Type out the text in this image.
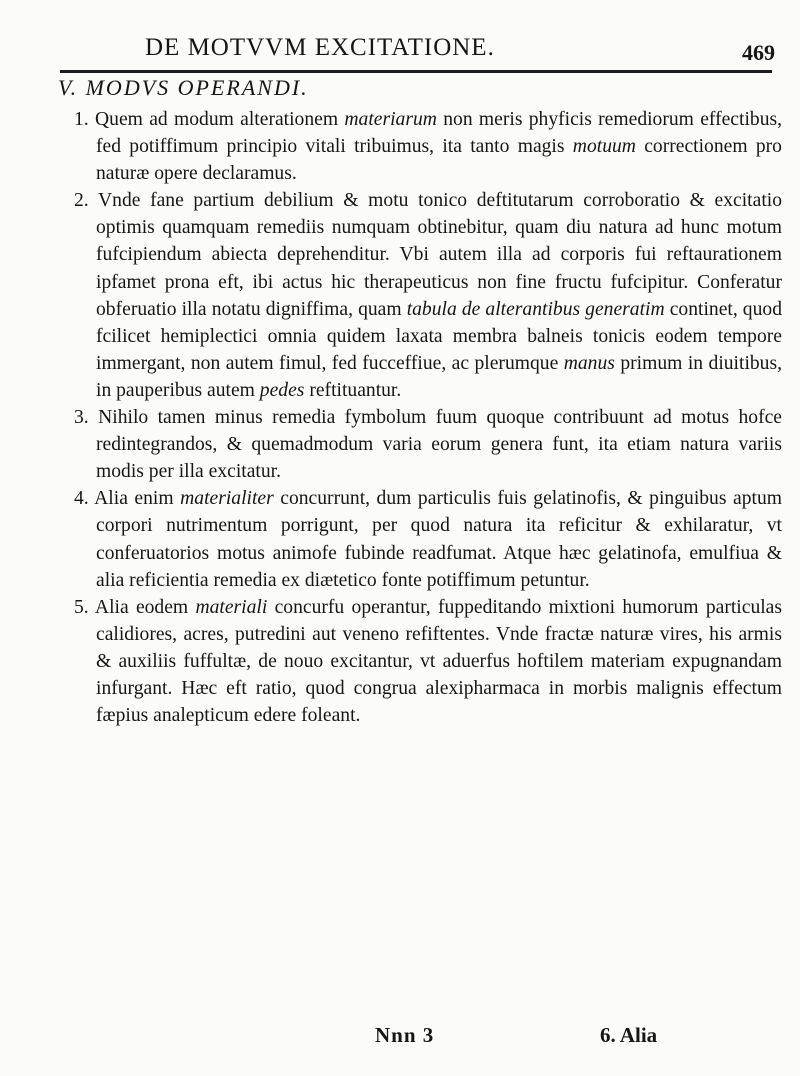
DE MOTVVM EXCITATIONE.	469
V. MODVS OPERANDI.

1. Quem ad modum alterationem materiarum non meris phyficis remediorum effectibus, fed potiffimum principio vitali tribuimus, ita tanto magis motuum correctionem pro naturæ opere declaramus.

2. Vnde fane partium debilium & motu tonico deftitutarum corroboratio & excitatio optimis quamquam remediis numquam obtinebitur, quam diu natura ad hunc motum fufcipiendum abiecta deprehenditur. Vbi autem illa ad corporis fui reftaurationem ipfamet prona eft, ibi actus hic therapeuticus non fine fructu fufcipitur. Conferatur obferuatio illa notatu digniffima, quam tabula de alterantibus generatim continet, quod fcilicet hemiplectici omnia quidem laxata membra balneis tonicis eodem tempore immergant, non autem fimul, fed fucceffiue, ac plerumque manus primum in diuitibus, in pauperibus autem pedes reftituantur.

3. Nihilo tamen minus remedia fymbolum fuum quoque contribuunt ad motus hofce redintegrandos, & quemadmodum varia eorum genera funt, ita etiam natura variis modis per illa excitatur.

4. Alia enim materialiter concurrunt, dum particulis fuis gelatinofis, & pinguibus aptum corpori nutrimentum porrigunt, per quod natura ita reficitur & exhilaratur, vt conferuatorios motus animofe fubinde readfumat. Atque hæc gelatinofa, emulfiua & alia reficientia remedia ex diætetico fonte potiffimum petuntur.

5. Alia eodem materiali concurfu operantur, fuppeditando mixtioni humorum particulas calidiores, acres, putredini aut veneno refiftentes. Vnde fractæ naturæ vires, his armis & auxiliis fuffultæ, de nouo excitantur, vt aduerfus hoftilem materiam expugnandam infurgant. Hæc eft ratio, quod congrua alexipharmaca in morbis malignis effectum fæpius analepticum edere foleant.

Nnn 3	6. Alia
